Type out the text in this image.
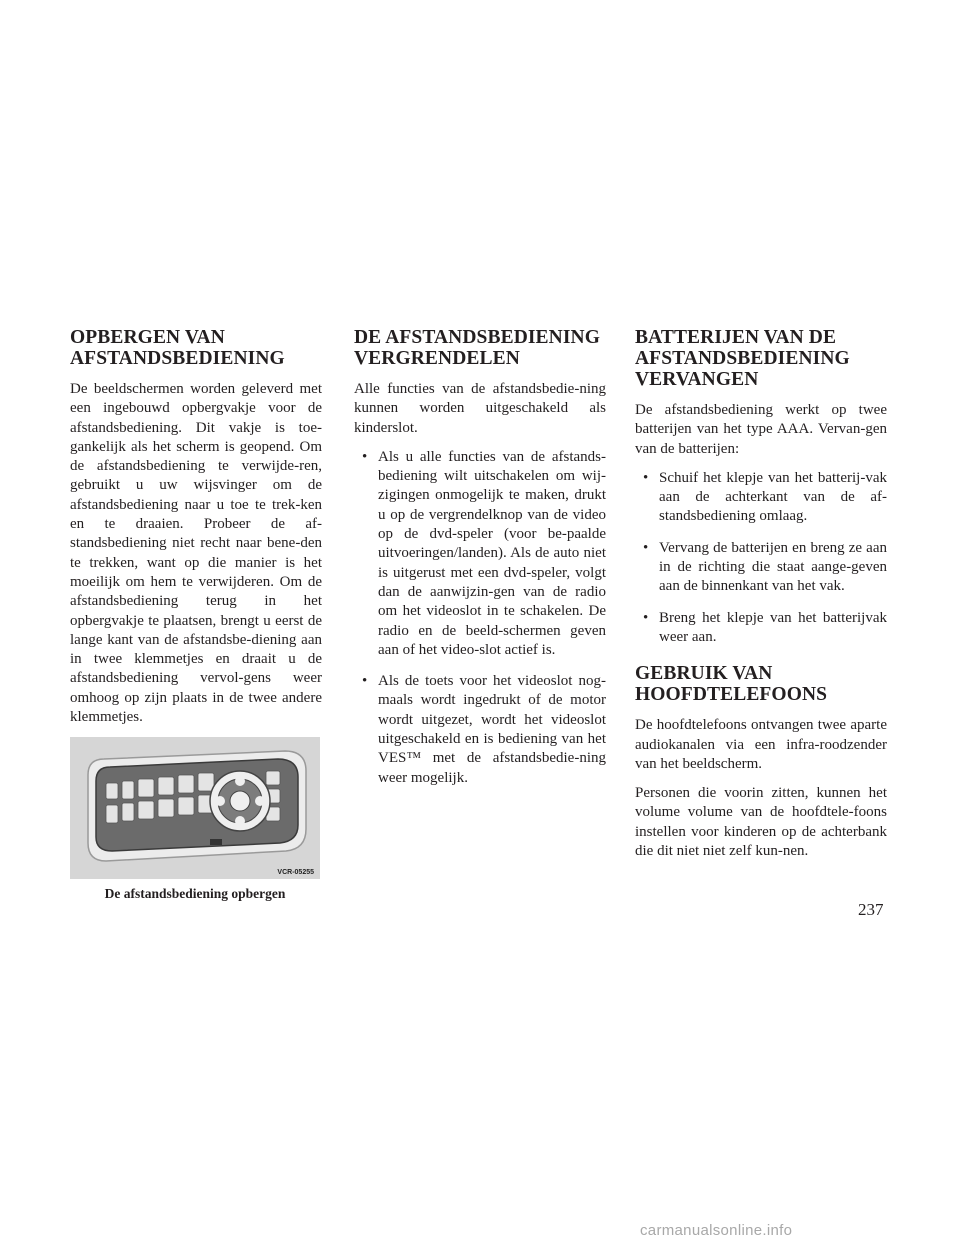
OPBERGEN VAN AFSTANDSBEDIENING

De beeldschermen worden geleverd met een ingebouwd opbergvakje voor de afstandsbediening. Dit vakje is toe-gankelijk als het scherm is geopend. Om de afstandsbediening te verwijde-ren, gebruikt u uw wijsvinger om de afstandsbediening naar u toe te trek-ken en te draaien. Probeer de af-standsbediening niet recht naar bene-den te trekken, want op die manier is het moeilijk om hem te verwijderen. Om de afstandsbediening terug in het opbergvakje te plaatsen, brengt u eerst de lange kant van de afstandsbe-diening aan in twee klemmetjes en draait u de afstandsbediening vervol-gens weer omhoog op zijn plaats in de twee andere klemmetjes.

VCR-05255
De afstandsbediening opbergen
DE AFSTANDSBEDIENING VERGRENDELEN

Alle functies van de afstandsbedie-ning kunnen worden uitgeschakeld als kinderslot.

• Als u alle functies van de afstands-bediening wilt uitschakelen om wij-zigingen onmogelijk te maken, drukt u op de vergrendelknop van de video op de dvd-speler (voor be-paalde uitvoeringen/landen). Als de auto niet is uitgerust met een dvd-speler, volgt dan de aanwijzin-gen van de radio om het videoslot in te schakelen. De radio en de beeld-schermen geven aan of het video-slot actief is.
• Als de toets voor het videoslot nog-maals wordt ingedrukt of de motor wordt uitgezet, wordt het videoslot uitgeschakeld en is bediening van het VES™ met de afstandsbedie-ning weer mogelijk.
BATTERIJEN VAN DE AFSTANDSBEDIENING VERVANGEN

De afstandsbediening werkt op twee batterijen van het type AAA. Vervan-gen van de batterijen:

• Schuif het klepje van het batterij-vak aan de achterkant van de af-standsbediening omlaag.
• Vervang de batterijen en breng ze aan in de richting die staat aange-geven aan de binnenkant van het vak.
• Breng het klepje van het batterijvak weer aan.
GEBRUIK VAN HOOFDTELEFOONS

De hoofdtelefoons ontvangen twee aparte audiokanalen via een infra-roodzender van het beeldscherm.

Personen die voorin zitten, kunnen het volume volume van de hoofdtele-foons instellen voor kinderen op de achterbank die dit niet niet zelf kun-nen.

237
carmanualsonline.info
